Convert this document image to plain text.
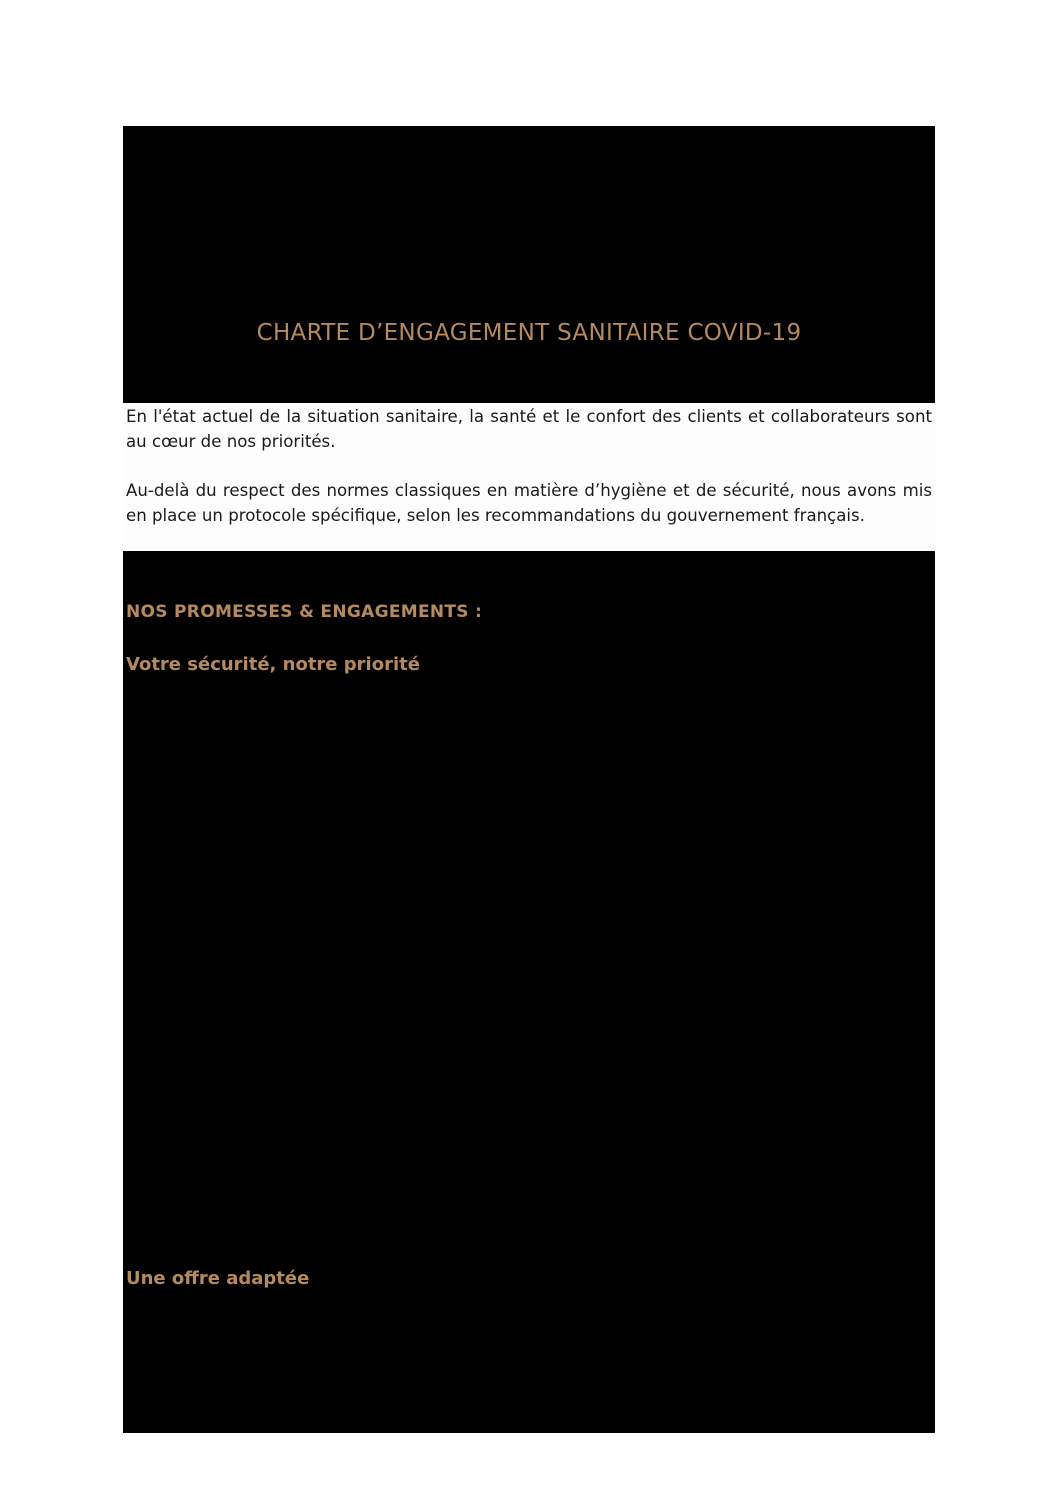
CHARTE D’ENGAGEMENT SANITAIRE COVID-19

En l'état actuel de la situation sanitaire, la santé et le confort des clients et collaborateurs sont au cœur de nos priorités.

Au-delà du respect des normes classiques en matière d’hygiène et de sécurité, nous avons mis en place un protocole spécifique, selon les recommandations du gouvernement français.

NOS PROMESSES & ENGAGEMENTS :
Votre sécurité, notre priorité
Une offre adaptée
